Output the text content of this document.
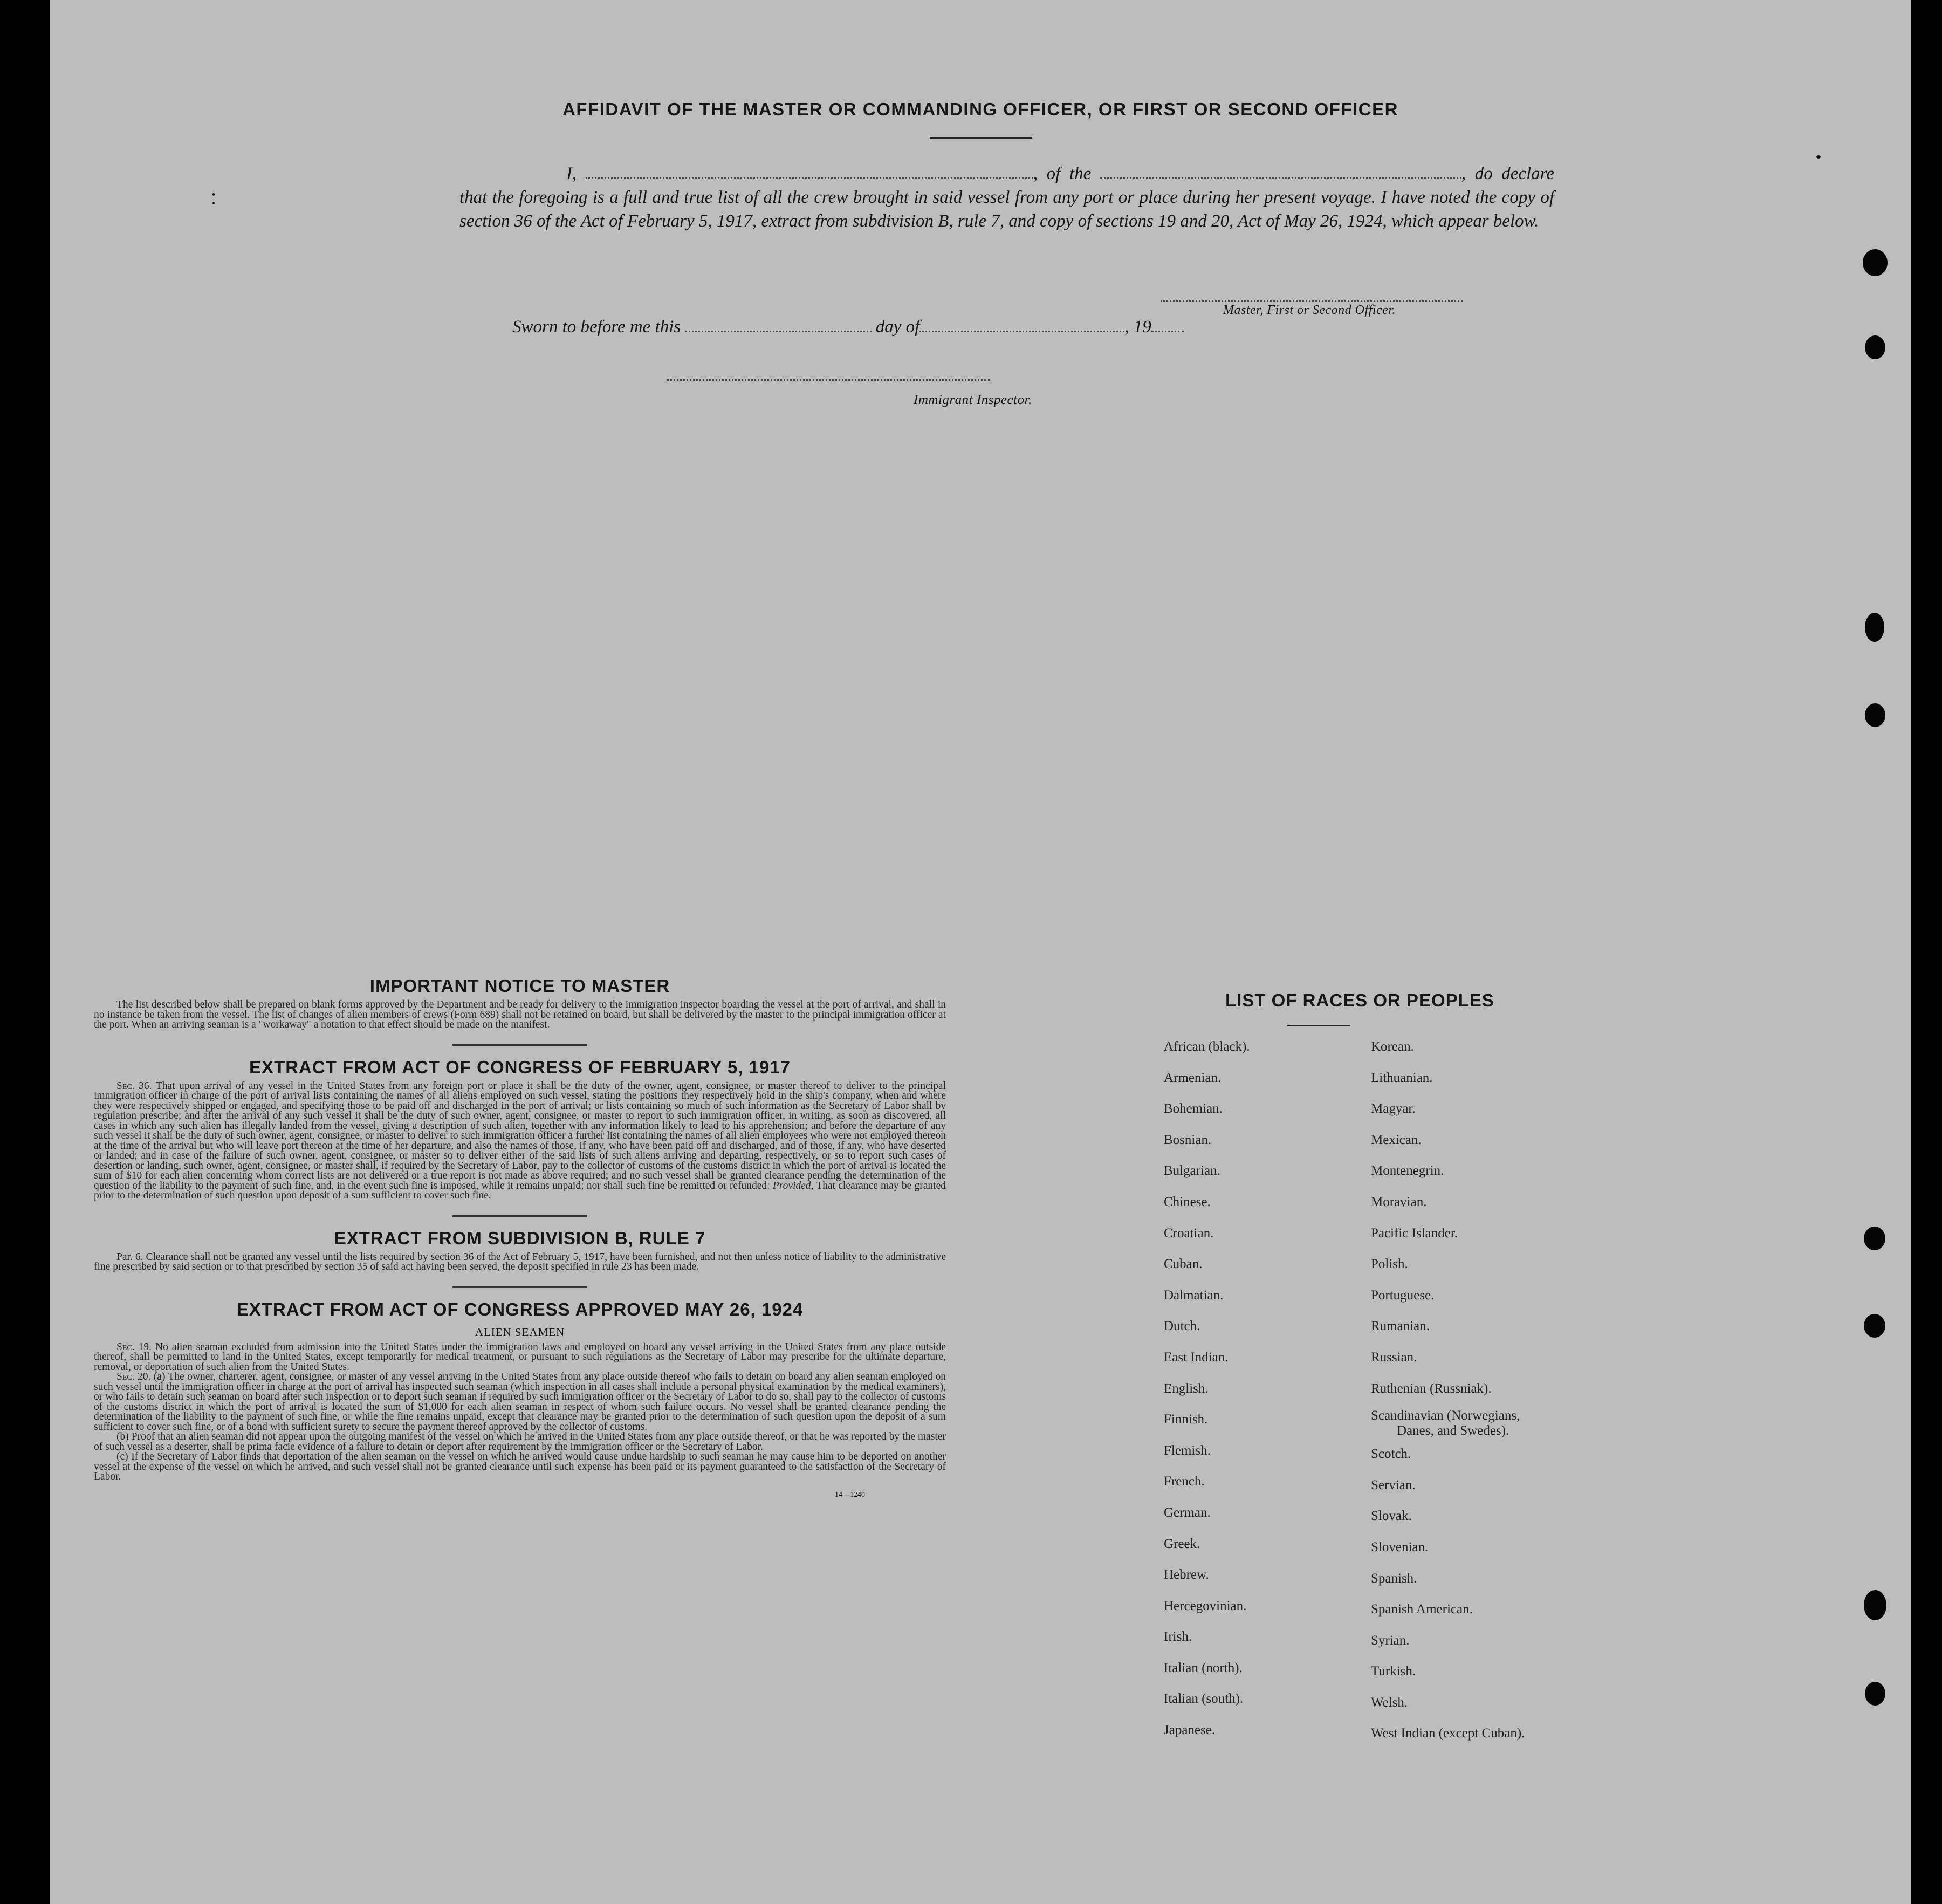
AFFIDAVIT OF THE MASTER OR COMMANDING OFFICER, OR FIRST OR SECOND OFFICER
I,	, of the	, do declare that the foregoing is a full and true list of all the crew brought in said vessel from any port or place during her present voyage. I have noted the copy of section 36 of the Act of February 5, 1917, extract from subdivision B, rule 7, and copy of sections 19 and 20, Act of May 26, 1924, which appear below.
Master, First or Second Officer.
Sworn to before me this	day of	, 19
Immigrant Inspector.
IMPORTANT NOTICE TO MASTER

The list described below shall be prepared on blank forms approved by the Department and be ready for delivery to the immigration inspector boarding the vessel at the port of arrival, and shall in no instance be taken from the vessel. The list of changes of alien members of crews (Form 689) shall not be retained on board, but shall be delivered by the master to the principal immigration officer at the port. When an arriving seaman is a "workaway" a notation to that effect should be made on the manifest.

EXTRACT FROM ACT OF CONGRESS OF FEBRUARY 5, 1917

Sec. 36. That upon arrival of any vessel in the United States from any foreign port or place it shall be the duty of the owner, agent, consignee, or master thereof to deliver to the principal immigration officer in charge of the port of arrival lists containing the names of all aliens employed on such vessel, stating the positions they respectively hold in the ship's company, when and where they were respectively shipped or engaged, and specifying those to be paid off and discharged in the port of arrival; or lists containing so much of such information as the Secretary of Labor shall by regulation prescribe; and after the arrival of any such vessel it shall be the duty of such owner, agent, consignee, or master to report to such immigration officer, in writing, as soon as discovered, all cases in which any such alien has illegally landed from the vessel, giving a description of such alien, together with any information likely to lead to his apprehension; and before the departure of any such vessel it shall be the duty of such owner, agent, consignee, or master to deliver to such immigration officer a further list containing the names of all alien employees who were not employed thereon at the time of the arrival but who will leave port thereon at the time of her departure, and also the names of those, if any, who have been paid off and discharged, and of those, if any, who have deserted or landed; and in case of the failure of such owner, agent, consignee, or master so to deliver either of the said lists of such aliens arriving and departing, respectively, or so to report such cases of desertion or landing, such owner, agent, consignee, or master shall, if required by the Secretary of Labor, pay to the collector of customs of the customs district in which the port of arrival is located the sum of $10 for each alien concerning whom correct lists are not delivered or a true report is not made as above required; and no such vessel shall be granted clearance pending the determination of the question of the liability to the payment of such fine, and, in the event such fine is imposed, while it remains unpaid; nor shall such fine be remitted or refunded: Provided, That clearance may be granted prior to the determination of such question upon deposit of a sum sufficient to cover such fine.

EXTRACT FROM SUBDIVISION B, RULE 7

Par. 6. Clearance shall not be granted any vessel until the lists required by section 36 of the Act of February 5, 1917, have been furnished, and not then unless notice of liability to the administrative fine prescribed by said section or to that prescribed by section 35 of said act having been served, the deposit specified in rule 23 has been made.

EXTRACT FROM ACT OF CONGRESS APPROVED MAY 26, 1924
ALIEN SEAMEN

Sec. 19. No alien seaman excluded from admission into the United States under the immigration laws and employed on board any vessel arriving in the United States from any place outside thereof, shall be permitted to land in the United States, except temporarily for medical treatment, or pursuant to such regulations as the Secretary of Labor may prescribe for the ultimate departure, removal, or deportation of such alien from the United States.

Sec. 20. (a) The owner, charterer, agent, consignee, or master of any vessel arriving in the United States from any place outside thereof who fails to detain on board any alien seaman employed on such vessel until the immigration officer in charge at the port of arrival has inspected such seaman (which inspection in all cases shall include a personal physical examination by the medical examiners), or who fails to detain such seaman on board after such inspection or to deport such seaman if required by such immigration officer or the Secretary of Labor to do so, shall pay to the collector of customs of the customs district in which the port of arrival is located the sum of $1,000 for each alien seaman in respect of whom such failure occurs. No vessel shall be granted clearance pending the determination of the liability to the payment of such fine, or while the fine remains unpaid, except that clearance may be granted prior to the determination of such question upon the deposit of a sum sufficient to cover such fine, or of a bond with sufficient surety to secure the payment thereof approved by the collector of customs.

(b) Proof that an alien seaman did not appear upon the outgoing manifest of the vessel on which he arrived in the United States from any place outside thereof, or that he was reported by the master of such vessel as a deserter, shall be prima facie evidence of a failure to detain or deport after requirement by the immigration officer or the Secretary of Labor.

(c) If the Secretary of Labor finds that deportation of the alien seaman on the vessel on which he arrived would cause undue hardship to such seaman he may cause him to be deported on another vessel at the expense of the vessel on which he arrived, and such vessel shall not be granted clearance until such expense has been paid or its payment guaranteed to the satisfaction of the Secretary of Labor.

14—1240
LIST OF RACES OR PEOPLES
African (black).
Armenian.
Bohemian.
Bosnian.
Bulgarian.
Chinese.
Croatian.
Cuban.
Dalmatian.
Dutch.
East Indian.
English.
Finnish.
Flemish.
French.
German.
Greek.
Hebrew.
Hercegovinian.
Irish.
Italian (north).
Italian (south).
Japanese.
Korean.
Lithuanian.
Magyar.
Mexican.
Montenegrin.
Moravian.
Pacific Islander.
Polish.
Portuguese.
Rumanian.
Russian.
Ruthenian (Russniak).
Scandinavian (Norwegians,
Danes, and Swedes).
Scotch.
Servian.
Slovak.
Slovenian.
Spanish.
Spanish American.
Syrian.
Turkish.
Welsh.
West Indian (except Cuban).
